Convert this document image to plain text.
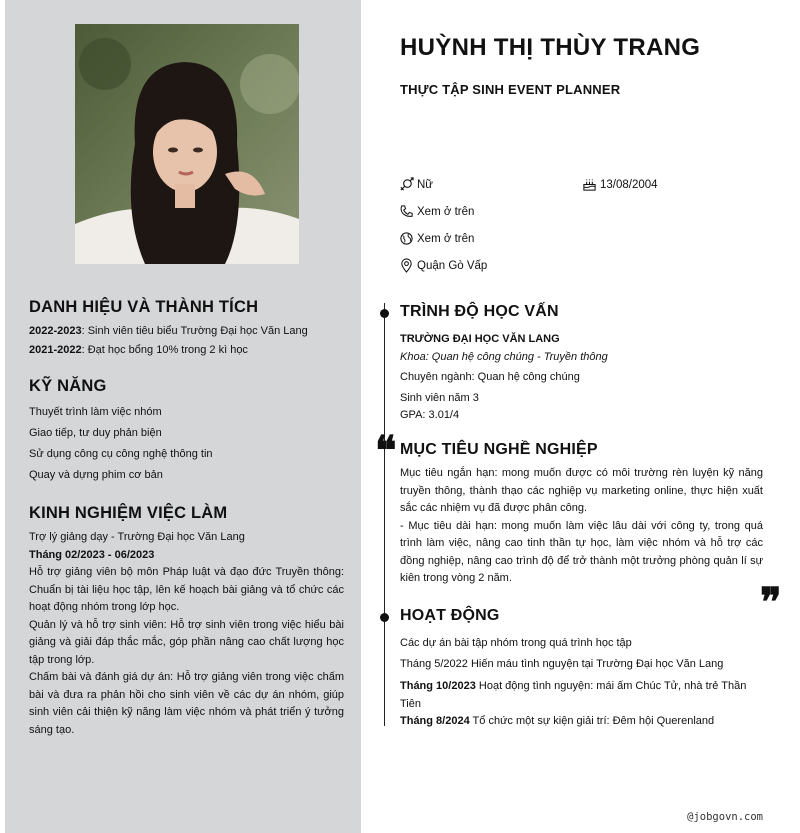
DANH HIỆU VÀ THÀNH TÍCH

2022-2023: Sinh viên tiêu biểu Trường Đại học Văn Lang

2021-2022: Đạt học bổng 10% trong 2 kì học

KỸ NĂNG
Thuyết trình làm việc nhóm
Giao tiếp, tư duy phản biện
Sử dụng công cụ công nghệ thông tin
Quay và dựng phim cơ bản
KINH NGHIỆM VIỆC LÀM

Trợ lý giảng dạy - Trường Đại học Văn Lang

Tháng 02/2023 - 06/2023

Hỗ trợ giảng viên bộ môn Pháp luật và đạo đức Truyền thông: Chuẩn bị tài liệu học tập, lên kế hoạch bài giảng và tổ chức các hoạt động nhóm trong lớp học.

Quản lý và hỗ trợ sinh viên: Hỗ trợ sinh viên trong việc hiểu bài giảng và giải đáp thắc mắc, góp phần nâng cao chất lượng học tập trong lớp.

Chấm bài và đánh giá dự án: Hỗ trợ giảng viên trong việc chấm bài và đưa ra phản hồi cho sinh viên về các dự án nhóm, giúp sinh viên cải thiện kỹ năng làm việc nhóm và phát triển ý tưởng sáng tạo.

HUỲNH THỊ THÙY TRANG
THỰC TẬP SINH EVENT PLANNER
Nữ	13/08/2004
Xem ở trên
Xem ở trên
Quận Gò Vấp
TRÌNH ĐỘ HỌC VẤN

TRƯỜNG ĐẠI HỌC VĂN LANG

Khoa: Quan hệ công chúng - Truyền thông

Chuyên ngành: Quan hệ công chúng

Sinh viên năm 3

GPA: 3.01/4

❝ MỤC TIÊU NGHỀ NGHIỆP

Mục tiêu ngắn hạn: mong muốn được có môi trường rèn luyện kỹ năng truyền thông, thành thạo các nghiệp vụ marketing online, thực hiện xuất sắc các nhiệm vụ đã được phân công.

- Mục tiêu dài hạn: mong muốn làm việc lâu dài với công ty, trong quá trình làm việc, nâng cao tinh thần tự học, làm việc nhóm và hỗ trợ các đồng nghiệp, nâng cao trình độ để trở thành một trưởng phòng quản lí sự kiên trong vòng 2 năm.

❞
HOẠT ĐỘNG

Các dự án bài tập nhóm trong quá trình học tập

Tháng 5/2022 Hiến máu tình nguyện tại Trường Đại học Văn Lang

Tháng 10/2023 Hoạt động tình nguyện: mái ấm Chúc Tử, nhà trẻ Thần Tiên

Tháng 8/2024 Tổ chức một sự kiện giải trí: Đêm hội Querenland

@jobgovn.com
